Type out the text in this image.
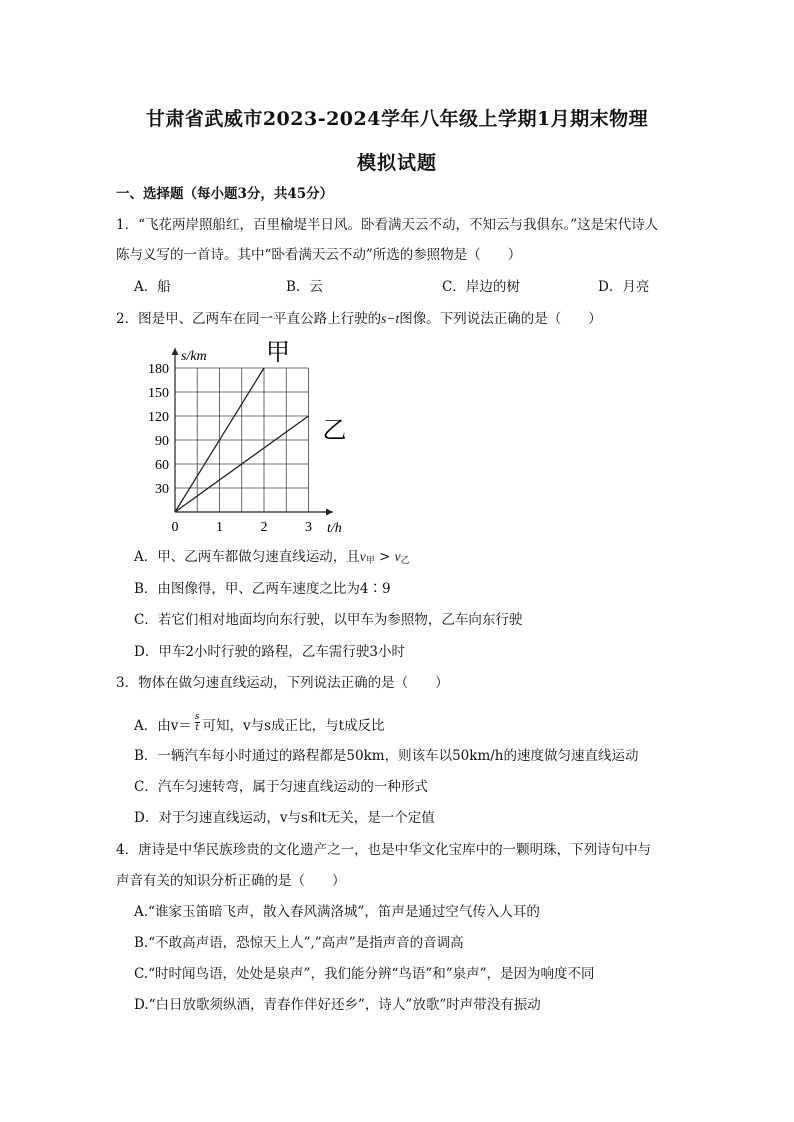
甘肃省武威市2023-2024学年八年级上学期1月期末物理
模拟试题
一、选择题（每小题3分，共45分）
1．“飞花两岸照船红，百里榆堤半日风。卧看满天云不动，不知云与我俱东。”这是宋代诗人
陈与义写的一首诗。其中“卧看满天云不动”所选的参照物是（　　）
A．船	B．云	C．岸边的树	D．月亮
2．图是甲、乙两车在同一平直公路上行驶的s−t图像。下列说法正确的是（　　）
30
60
90
120
150
180
0	1	2	3
s/km
t/h
甲
乙
A．甲、乙两车都做匀速直线运动，且$v_甲 > v_乙$
B．由图像得，甲、乙两车速度之比为4∶9
C．若它们相对地面均向东行驶，以甲车为参照物，乙车向东行驶
D．甲车2小时行驶的路程，乙车需行驶3小时
3．物体在做匀速直线运动，下列说法正确的是（　　）
A．由$v= \frac{s}{t}$ 可知，v与s成正比，与t成反比
B．一辆汽车每小时通过的路程都是50km，则该车以50km/h的速度做匀速直线运动
C．汽车匀速转弯，属于匀速直线运动的一种形式
D．对于匀速直线运动，v与s和t无关，是一个定值
4．唐诗是中华民族珍贵的文化遗产之一，也是中华文化宝库中的一颗明珠，下列诗句中与
声音有关的知识分析正确的是（　　）
A.“谁家玉笛暗飞声，散入春风满洛城”，笛声是通过空气传入人耳的
B.“不敢高声语，恐惊天上人”,”高声”是指声音的音调高
C.“时时闻鸟语，处处是泉声”，我们能分辨“鸟语”和”泉声”，是因为响度不同
D.“白日放歌须纵酒，青春作伴好还乡”，诗人”放歌”时声带没有振动
